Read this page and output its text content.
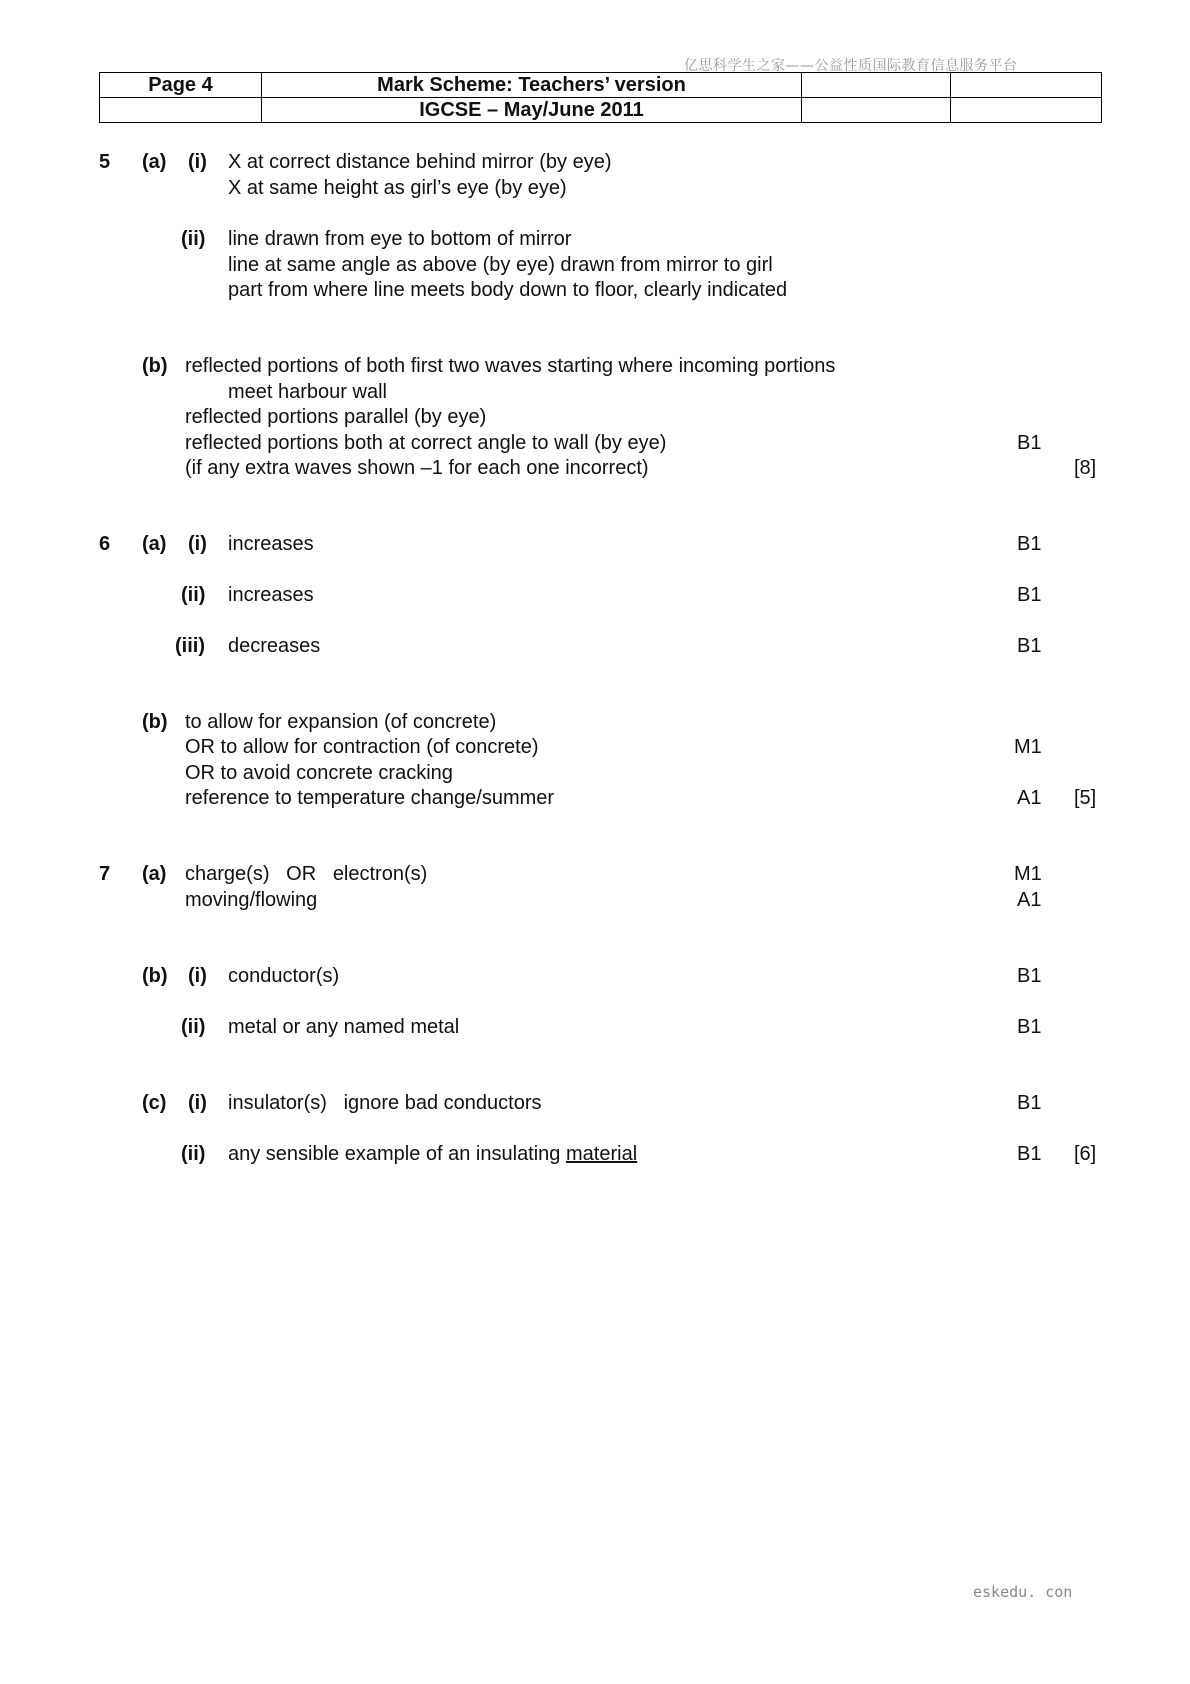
亿思科学生之家——公益性质国际教育信息服务平台
Page 4	Mark Scheme: Teachers’ version		
	IGCSE – May/June 2011		
5 (a) (i) X at correct distance behind mirror (by eye)
X at same height as girl’s eye (by eye)
(ii) line drawn from eye to bottom of mirror
line at same angle as above (by eye) drawn from mirror to girl
part from where line meets body down to floor, clearly indicated
(b) reflected portions of both first two waves starting where incoming portions
meet harbour wall
reflected portions parallel (by eye)
reflected portions both at correct angle to wall (by eye)	B1
(if any extra waves shown –1 for each one incorrect)	[8]
6 (a) (i) increases	B1
(ii) increases	B1
(iii) decreases	B1
(b) to allow for expansion (of concrete)
OR to allow for contraction (of concrete)	M1
OR to avoid concrete cracking
reference to temperature change/summer	A1 [5]
7 (a) charge(s)   OR   electron(s)	M1
moving/flowing	A1
(b) (i) conductor(s)	B1
(ii) metal or any named metal	B1
(c) (i) insulator(s)   ignore bad conductors	B1
(ii) any sensible example of an insulating material	B1 [6]
eskedu. con
